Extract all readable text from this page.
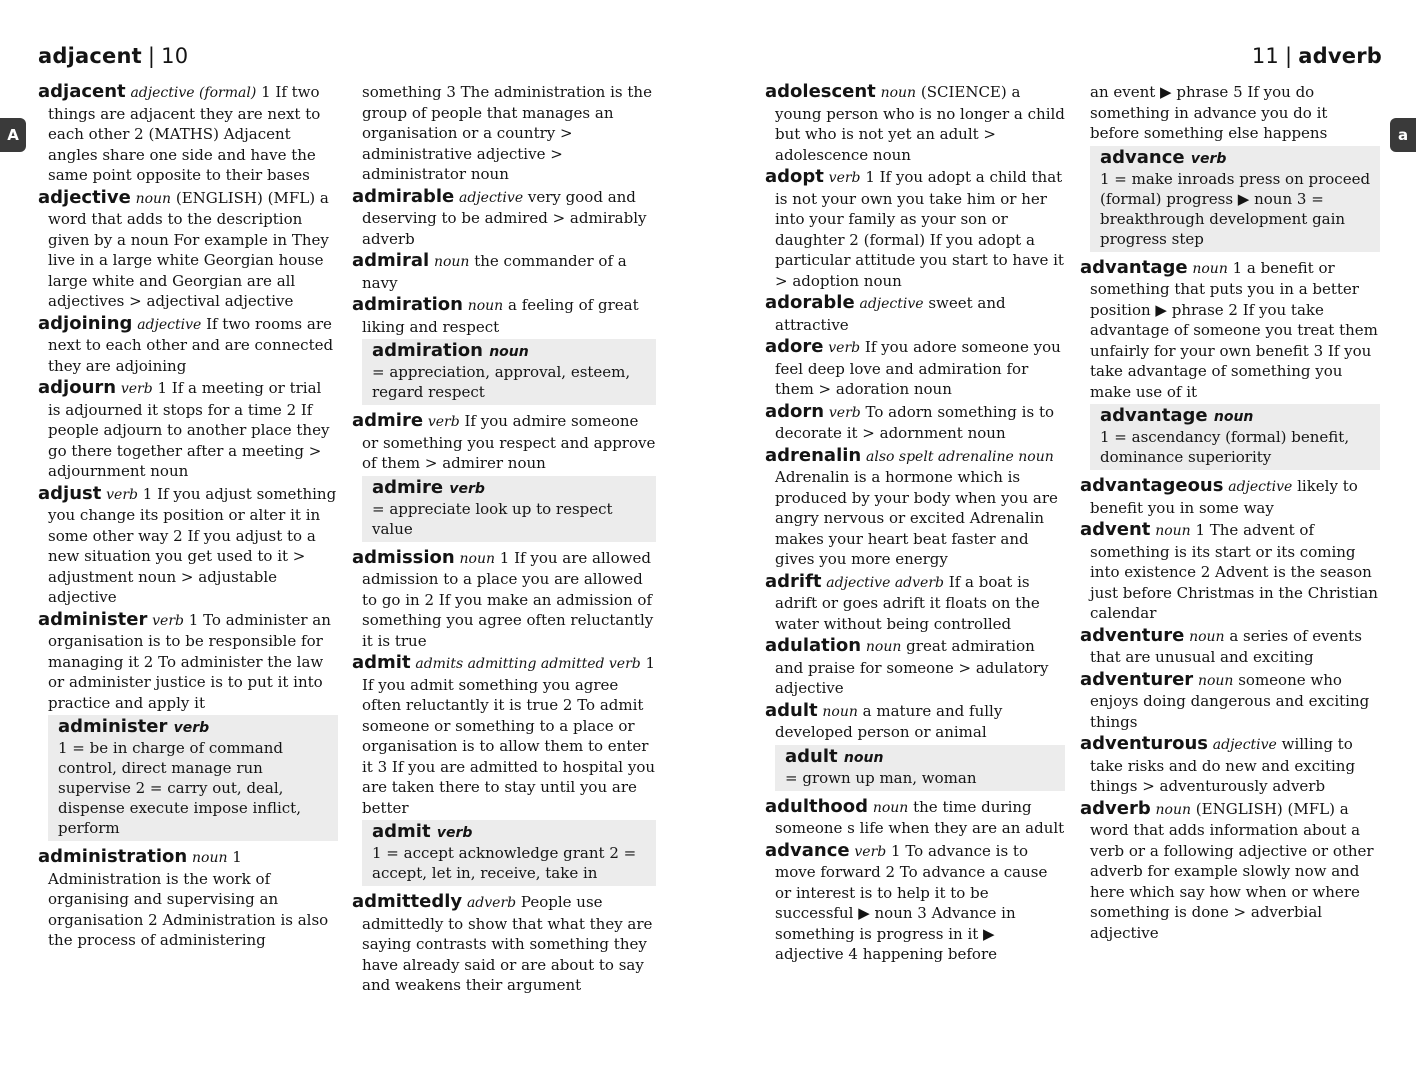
adjacent | 10
A
adjacent adjective (formal) 1 If two things are adjacent they are next to each other 2 (MATHS) Adjacent angles share one side and have the same point opposite to their bases
adjective noun (ENGLISH) (MFL) a word that adds to the description given by a noun For example in They live in a large white Georgian house large white and Georgian are all adjectives > adjectival adjective
adjoining adjective If two rooms are next to each other and are connected they are adjoining
adjourn verb 1 If a meeting or trial is adjourned it stops for a time 2 If people adjourn to another place they go there together after a meeting > adjournment noun
adjust verb 1 If you adjust something you change its position or alter it in some other way 2 If you adjust to a new situation you get used to it > adjustment noun > adjustable adjective
administer verb 1 To administer an organisation is to be responsible for managing it 2 To administer the law or administer justice is to put it into practice and apply it
administer verb
1 = be in charge of command control, direct manage run supervise 2 = carry out, deal, dispense execute impose inflict, perform
administration noun 1 Administration is the work of organising and supervising an organisation 2 Administration is also the process of administering
something 3 The administration is the group of people that manages an organisation or a country > administrative adjective > administrator noun
admirable adjective very good and deserving to be admired > admirably adverb
admiral noun the commander of a navy
admiration noun a feeling of great liking and respect
admiration noun
= appreciation, approval, esteem, regard respect
admire verb If you admire someone or something you respect and approve of them > admirer noun
admire verb
= appreciate look up to respect value
admission noun 1 If you are allowed admission to a place you are allowed to go in 2 If you make an admission of something you agree often reluctantly it is true
admit admits admitting admitted verb 1 If you admit something you agree often reluctantly it is true 2 To admit someone or something to a place or organisation is to allow them to enter it 3 If you are admitted to hospital you are taken there to stay until you are better
admit verb
1 = accept acknowledge grant 2 = accept, let in, receive, take in
admittedly adverb People use admittedly to show that what they are saying contrasts with something they have already said or are about to say and weakens their argument
11 | adverb
a
adolescent noun (SCIENCE) a young person who is no longer a child but who is not yet an adult > adolescence noun
adopt verb 1 If you adopt a child that is not your own you take him or her into your family as your son or daughter 2 (formal) If you adopt a particular attitude you start to have it > adoption noun
adorable adjective sweet and attractive
adore verb If you adore someone you feel deep love and admiration for them > adoration noun
adorn verb To adorn something is to decorate it > adornment noun
adrenalin also spelt adrenaline noun Adrenalin is a hormone which is produced by your body when you are angry nervous or excited Adrenalin makes your heart beat faster and gives you more energy
adrift adjective adverb If a boat is adrift or goes adrift it floats on the water without being controlled
adulation noun great admiration and praise for someone > adulatory adjective
adult noun a mature and fully developed person or animal
adult noun
= grown up man, woman
adulthood noun the time during someone s life when they are an adult
advance verb 1 To advance is to move forward 2 To advance a cause or interest is to help it to be successful ▶ noun 3 Advance in something is progress in it ▶ adjective 4 happening before
an event ▶ phrase 5 If you do something in advance you do it before something else happens
advance verb
1 = make inroads press on proceed (formal) progress ▶ noun 3 = breakthrough development gain progress step
advantage noun 1 a benefit or something that puts you in a better position ▶ phrase 2 If you take advantage of someone you treat them unfairly for your own benefit 3 If you take advantage of something you make use of it
advantage noun
1 = ascendancy (formal) benefit, dominance superiority
advantageous adjective likely to benefit you in some way
advent noun 1 The advent of something is its start or its coming into existence 2 Advent is the season just before Christmas in the Christian calendar
adventure noun a series of events that are unusual and exciting
adventurer noun someone who enjoys doing dangerous and exciting things
adventurous adjective willing to take risks and do new and exciting things > adventurously adverb
adverb noun (ENGLISH) (MFL) a word that adds information about a verb or a following adjective or other adverb for example slowly now and here which say how when or where something is done > adverbial adjective
